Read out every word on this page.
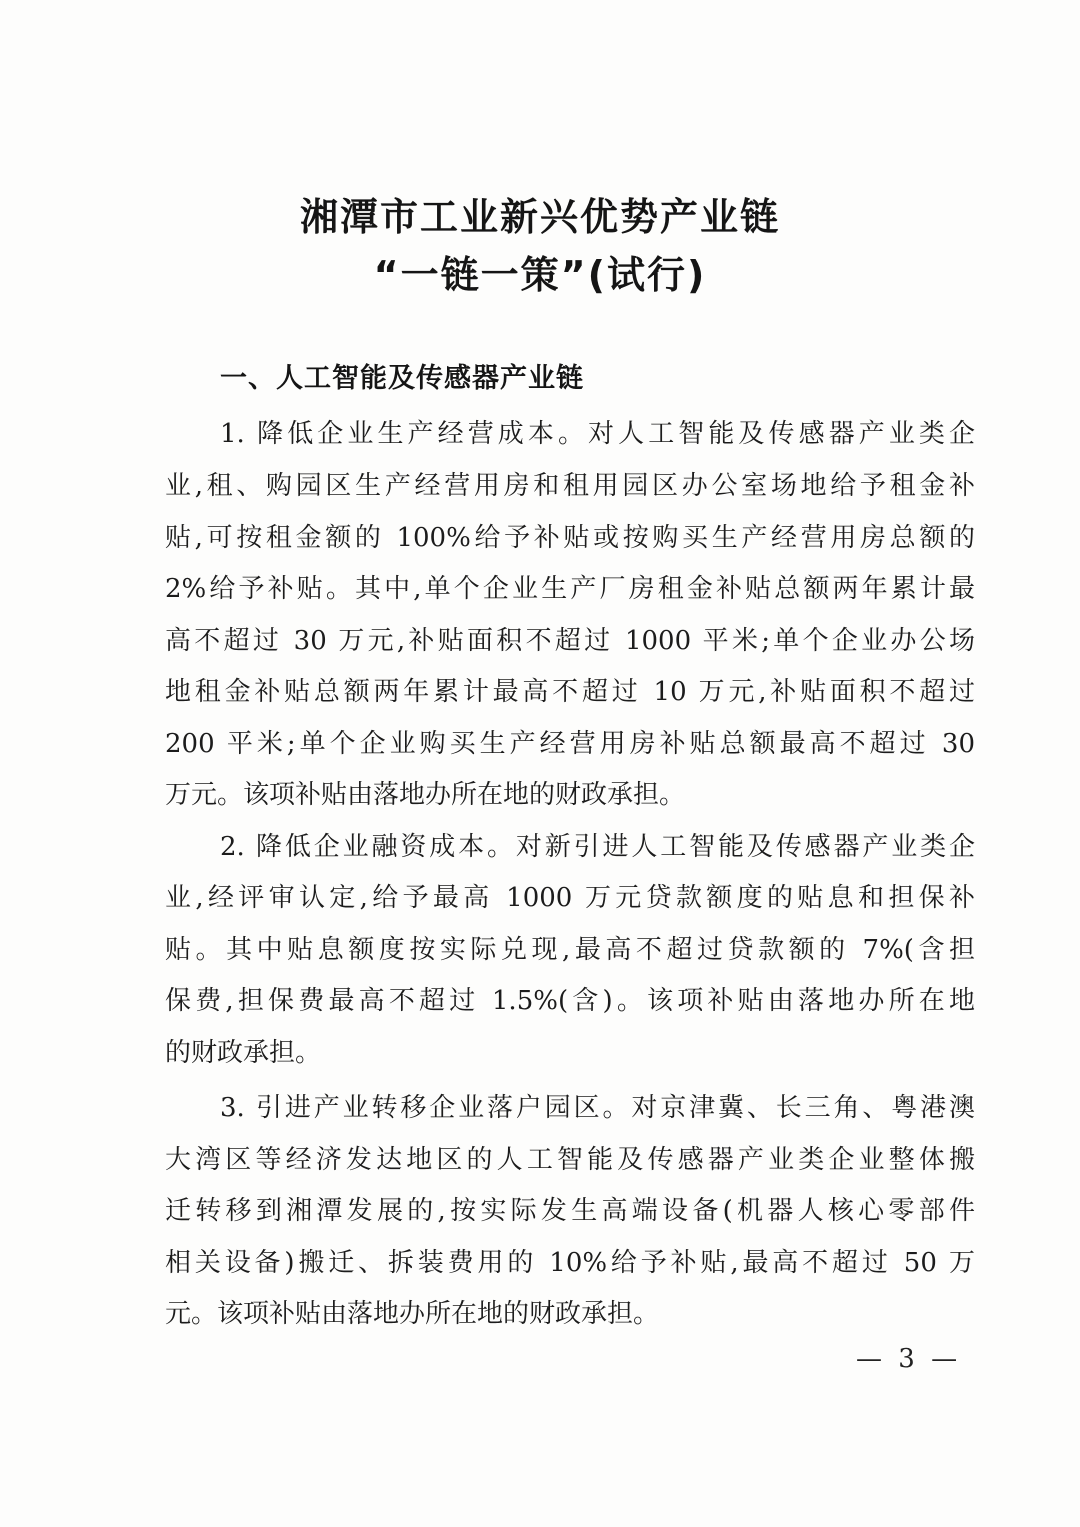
湘潭市工业新兴优势产业链
“一链一策”(试行)
一、人工智能及传感器产业链

1. 降低企业生产经营成本。对人工智能及传感器产业类企

业,租、购园区生产经营用房和租用园区办公室场地给予租金补

贴,可按租金额的 100%给予补贴或按购买生产经营用房总额的

2%给予补贴。其中,单个企业生产厂房租金补贴总额两年累计最

高不超过 30 万元,补贴面积不超过 1000 平米;单个企业办公场

地租金补贴总额两年累计最高不超过 10 万元,补贴面积不超过

200 平米;单个企业购买生产经营用房补贴总额最高不超过 30

万元。该项补贴由落地办所在地的财政承担。

2. 降低企业融资成本。对新引进人工智能及传感器产业类企

业,经评审认定,给予最高 1000 万元贷款额度的贴息和担保补

贴。其中贴息额度按实际兑现,最高不超过贷款额的 7%(含担

保费,担保费最高不超过 1.5%(含)。该项补贴由落地办所在地

的财政承担。

3. 引进产业转移企业落户园区。对京津冀、长三角、粤港澳

大湾区等经济发达地区的人工智能及传感器产业类企业整体搬

迁转移到湘潭发展的,按实际发生高端设备(机器人核心零部件

相关设备)搬迁、拆装费用的 10%给予补贴,最高不超过 50 万

元。该项补贴由落地办所在地的财政承担。

— 3 —
